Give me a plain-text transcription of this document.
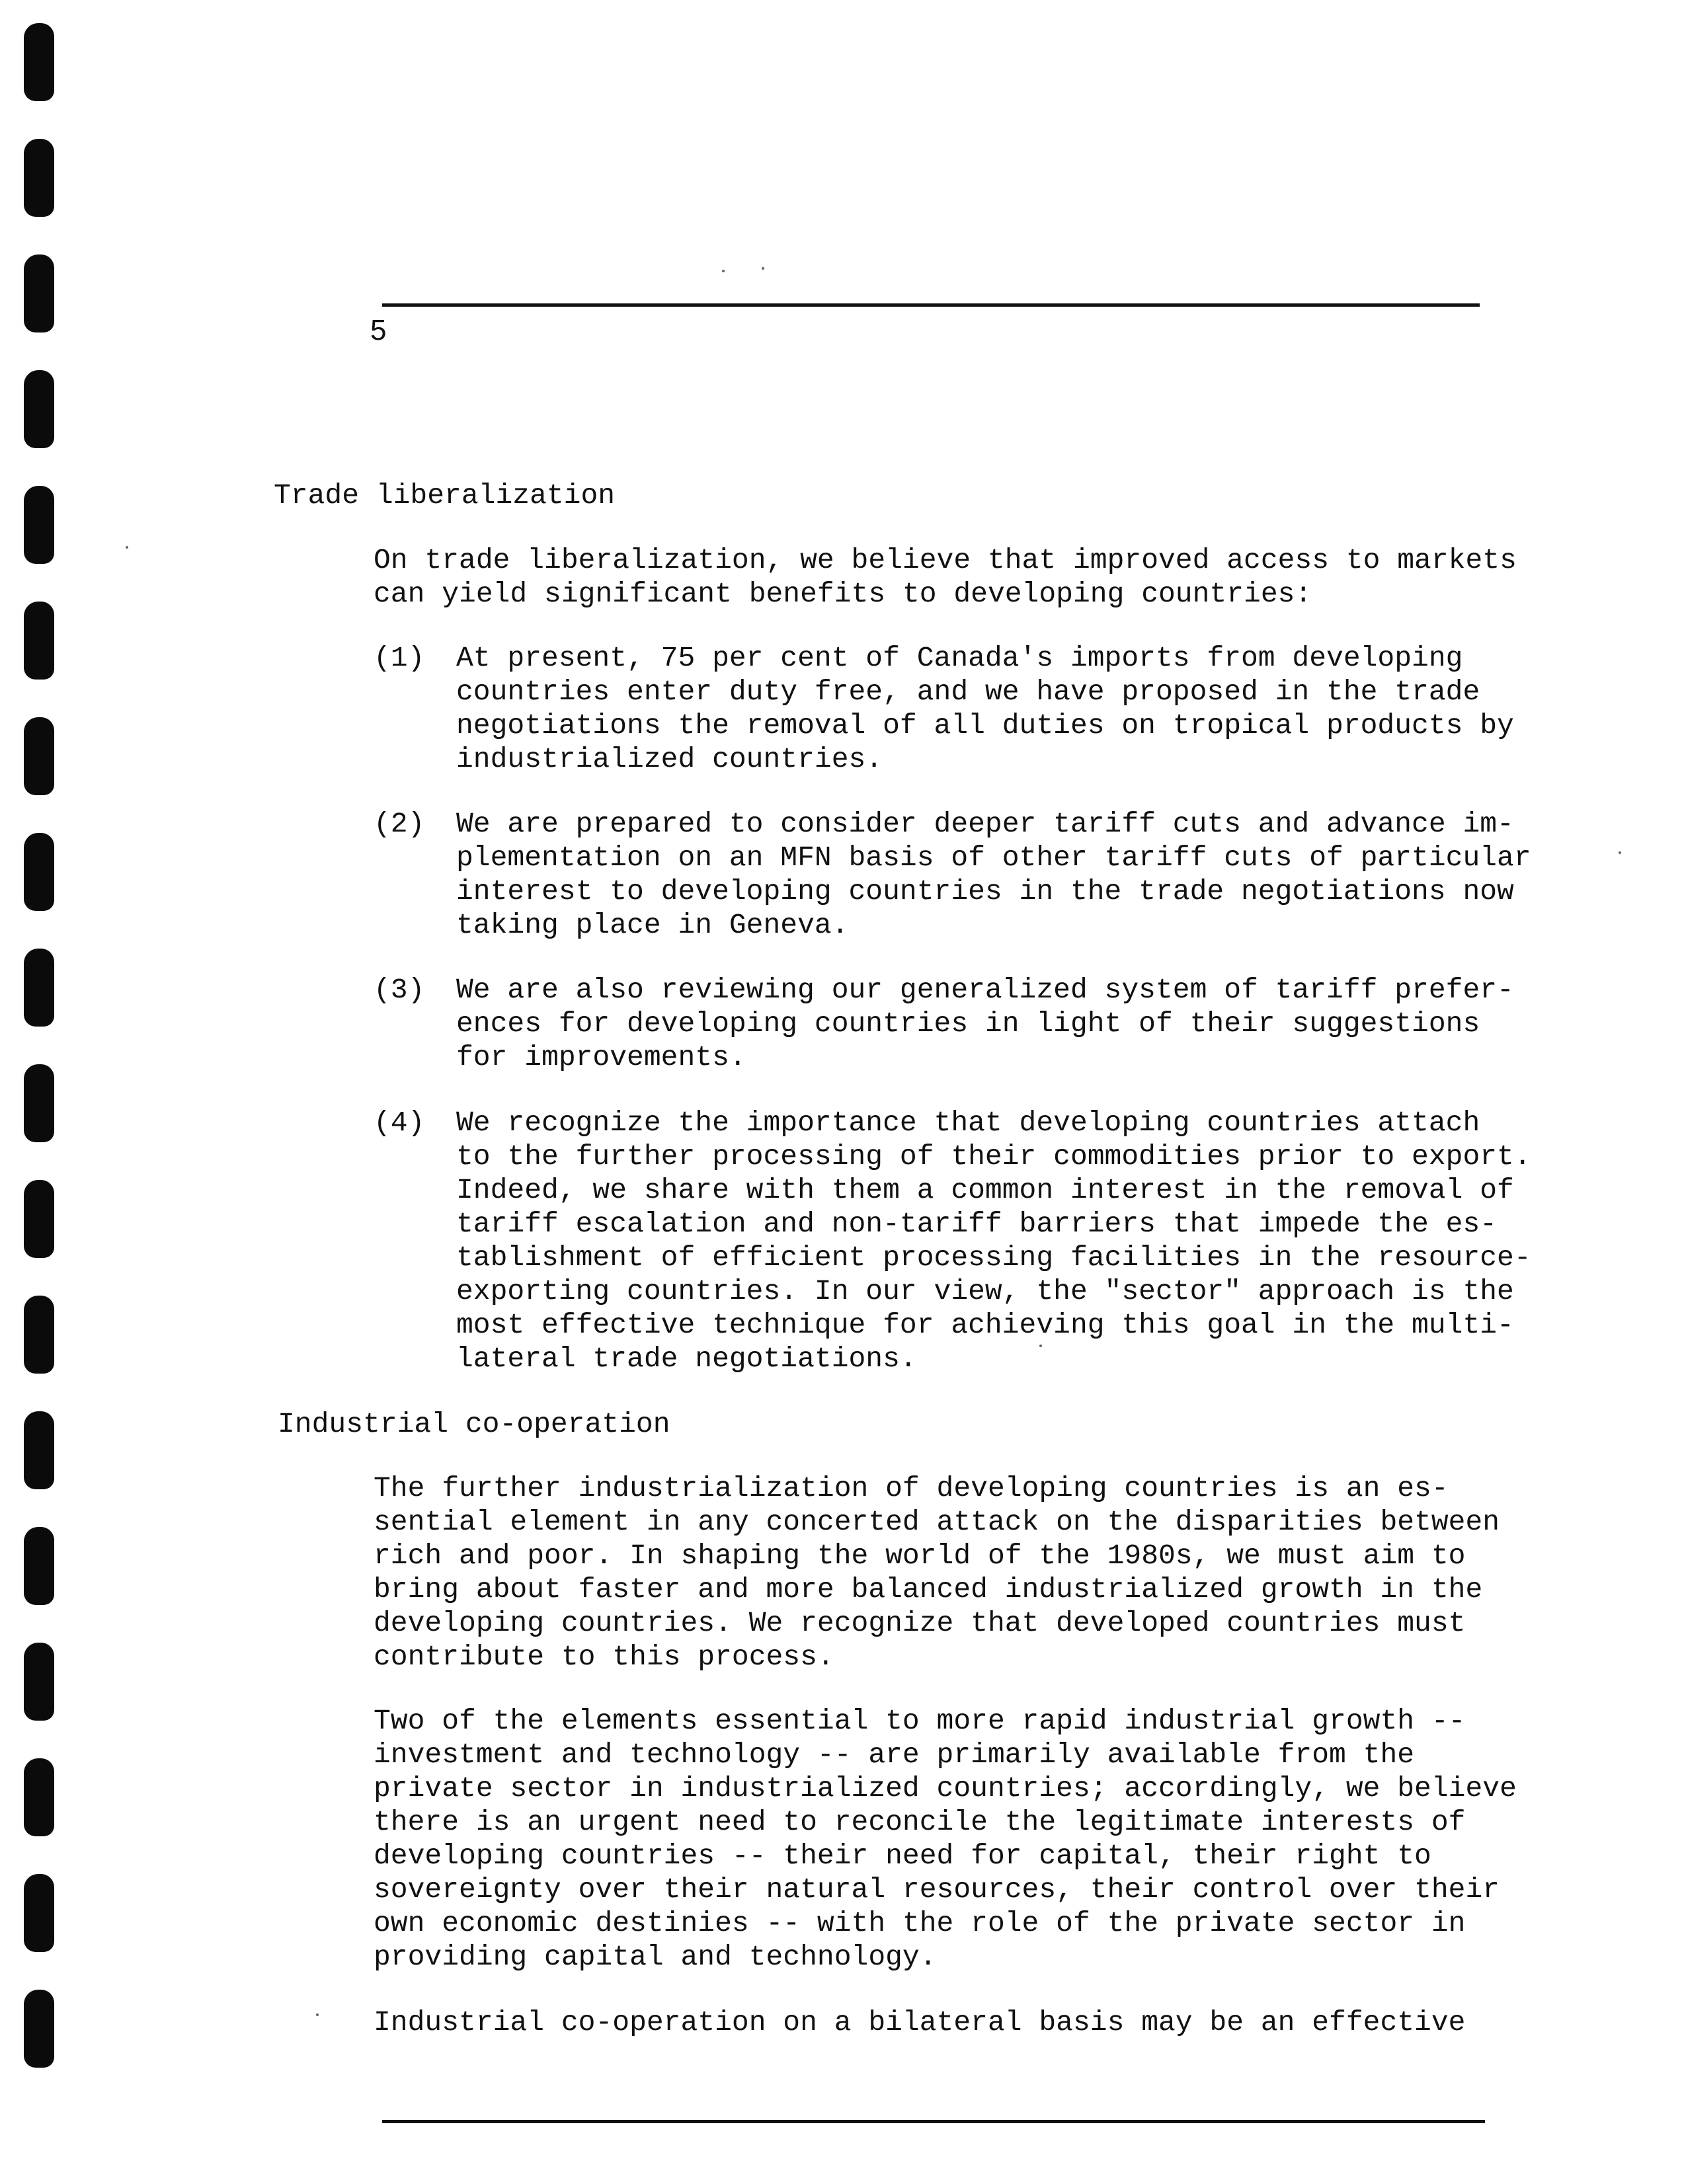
5
Trade liberalization
On trade liberalization, we believe that improved access to markets
can yield significant benefits to developing countries:
(1) At present, 75 per cent of Canada's imports from developing
countries enter duty free, and we have proposed in the trade
negotiations the removal of all duties on tropical products by
industrialized countries.
(2) We are prepared to consider deeper tariff cuts and advance im-
plementation on an MFN basis of other tariff cuts of particular
interest to developing countries in the trade negotiations now
taking place in Geneva.
(3) We are also reviewing our generalized system of tariff prefer-
ences for developing countries in light of their suggestions
for improvements.
(4) We recognize the importance that developing countries attach
to the further processing of their commodities prior to export.
Indeed, we share with them a common interest in the removal of
tariff escalation and non-tariff barriers that impede the es-
tablishment of efficient processing facilities in the resource-
exporting countries. In our view, the "sector" approach is the
most effective technique for achieving this goal in the multi-
lateral trade negotiations.
Industrial co-operation
The further industrialization of developing countries is an es-
sential element in any concerted attack on the disparities between
rich and poor. In shaping the world of the 1980s, we must aim to
bring about faster and more balanced industrialized growth in the
developing countries. We recognize that developed countries must
contribute to this process.
Two of the elements essential to more rapid industrial growth --
investment and technology -- are primarily available from the
private sector in industrialized countries; accordingly, we believe
there is an urgent need to reconcile the legitimate interests of
developing countries -- their need for capital, their right to
sovereignty over their natural resources, their control over their
own economic destinies -- with the role of the private sector in
providing capital and technology.
Industrial co-operation on a bilateral basis may be an effective
